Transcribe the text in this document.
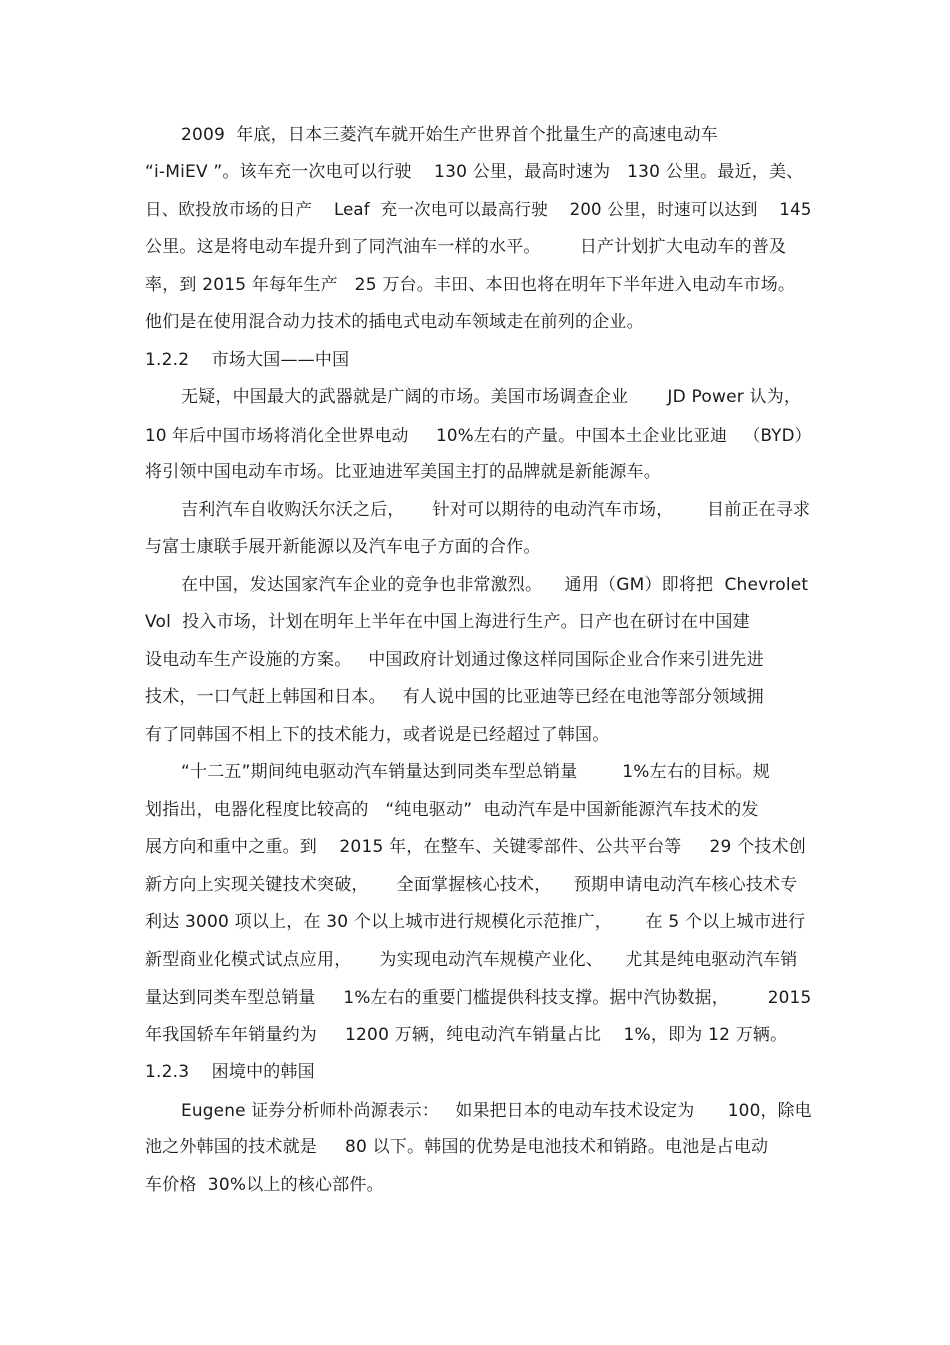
2009  年底，日本三菱汽车就开始生产世界首个批量生产的高速电动车
“i-MiEV ”。该车充一次电可以行驶    130 公里，最高时速为   130 公里。最近，美、
日、欧投放市场的日产    Leaf  充一次电可以最高行驶    200 公里，时速可以达到    145
公里。这是将电动车提升到了同汽油车一样的水平。       日产计划扩大电动车的普及
率，到 2015 年每年生产   25 万台。丰田、本田也将在明年下半年进入电动车市场。
他们是在使用混合动力技术的插电式电动车领域走在前列的企业。
1.2.2    市场大国——中国
无疑，中国最大的武器就是广阔的市场。美国市场调查企业       JD Power 认为，
10 年后中国市场将消化全世界电动     10%左右的产量。中国本土企业比亚迪   （BYD）
将引领中国电动车市场。比亚迪进军美国主打的品牌就是新能源车。
吉利汽车自收购沃尔沃之后，     针对可以期待的电动汽车市场，      目前正在寻求
与富士康联手展开新能源以及汽车电子方面的合作。
在中国，发达国家汽车企业的竞争也非常激烈。    通用（GM）即将把  Chevrolet
Vol  投入市场，计划在明年上半年在中国上海进行生产。日产也在研讨在中国建
设电动车生产设施的方案。   中国政府计划通过像这样同国际企业合作来引进先进
技术，一口气赶上韩国和日本。   有人说中国的比亚迪等已经在电池等部分领域拥
有了同韩国不相上下的技术能力，或者说是已经超过了韩国。
“十二五”期间纯电驱动汽车销量达到同类车型总销量        1%左右的目标。规
划指出，电器化程度比较高的   “纯电驱动”  电动汽车是中国新能源汽车技术的发
展方向和重中之重。到    2015 年，在整车、关键零部件、公共平台等     29 个技术创
新方向上实现关键技术突破，     全面掌握核心技术，    预期申请电动汽车核心技术专
利达 3000 项以上，在 30 个以上城市进行规模化示范推广，      在 5 个以上城市进行
新型商业化模式试点应用，     为实现电动汽车规模产业化、    尤其是纯电驱动汽车销
量达到同类车型总销量     1%左右的重要门槛提供科技支撑。据中汽协数据，       2015
年我国轿车年销量约为     1200 万辆，纯电动汽车销量占比    1%，即为 12 万辆。
1.2.3    困境中的韩国
Eugene 证券分析师朴尚源表示：   如果把日本的电动车技术设定为      100，除电
池之外韩国的技术就是     80 以下。韩国的优势是电池技术和销路。电池是占电动
车价格  30%以上的核心部件。
